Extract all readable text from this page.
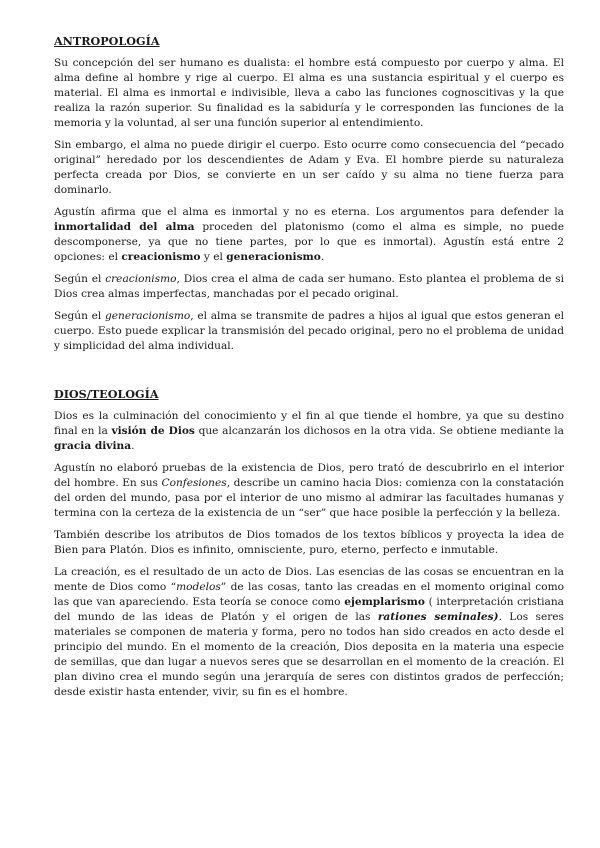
ANTROPOLOGÍA

Su concepción del ser humano es dualista: el hombre está compuesto por cuerpo y alma. El alma define al hombre y rige al cuerpo. El alma es una sustancia espiritual y el cuerpo es material. El alma es inmortal e indivisible, lleva a cabo las funciones cognoscitivas y la que realiza la razón superior. Su finalidad es la sabiduría y le corresponden las funciones de la memoria y la voluntad, al ser una función superior al entendimiento.

Sin embargo, el alma no puede dirigir el cuerpo. Esto ocurre como consecuencia del “pecado original” heredado por los descendientes de Adam y Eva. El hombre pierde su naturaleza perfecta creada por Dios, se convierte en un ser caído y su alma no tiene fuerza para dominarlo.

Agustín afirma que el alma es inmortal y no es eterna. Los argumentos para defender la inmortalidad del alma proceden del platonismo (como el alma es simple, no puede descomponerse, ya que no tiene partes, por lo que es inmortal). Agustín está entre 2 opciones: el creacionismo y el generacionismo.

Según el creacionismo, Dios crea el alma de cada ser humano. Esto plantea el problema de si Dios crea almas imperfectas, manchadas por el pecado original.

Según el generacionismo, el alma se transmite de padres a hijos al igual que estos generan el cuerpo. Esto puede explicar la transmisión del pecado original, pero no el problema de unidad y simplicidad del alma individual.

DIOS/TEOLOGÍA

Dios es la culminación del conocimiento y el fin al que tiende el hombre, ya que su destino final en la visión de Dios que alcanzarán los dichosos en la otra vida. Se obtiene mediante la gracia divina.

Agustín no elaboró pruebas de la existencia de Dios, pero trató de descubrirlo en el interior del hombre. En sus Confesiones, describe un camino hacia Dios: comienza con la constatación del orden del mundo, pasa por el interior de uno mismo al admirar las facultades humanas y termina con la certeza de la existencia de un “ser” que hace posible la perfección y la belleza.

También describe los atributos de Dios tomados de los textos bíblicos y proyecta la idea de Bien para Platón. Dios es infinito, omnisciente, puro, eterno, perfecto e inmutable.

La creación, es el resultado de un acto de Dios. Las esencias de las cosas se encuentran en la mente de Dios como “modelos” de las cosas, tanto las creadas en el momento original como las que van apareciendo. Esta teoría se conoce como ejemplarismo ( interpretación cristiana del mundo de las ideas de Platón y el origen de las rationes seminales). Los seres materiales se componen de materia y forma, pero no todos han sido creados en acto desde el principio del mundo. En el momento de la creación, Dios deposita en la materia una especie de semillas, que dan lugar a nuevos seres que se desarrollan en el momento de la creación. El plan divino crea el mundo según una jerarquía de seres con distintos grados de perfección; desde existir hasta entender, vivir, su fin es el hombre.
